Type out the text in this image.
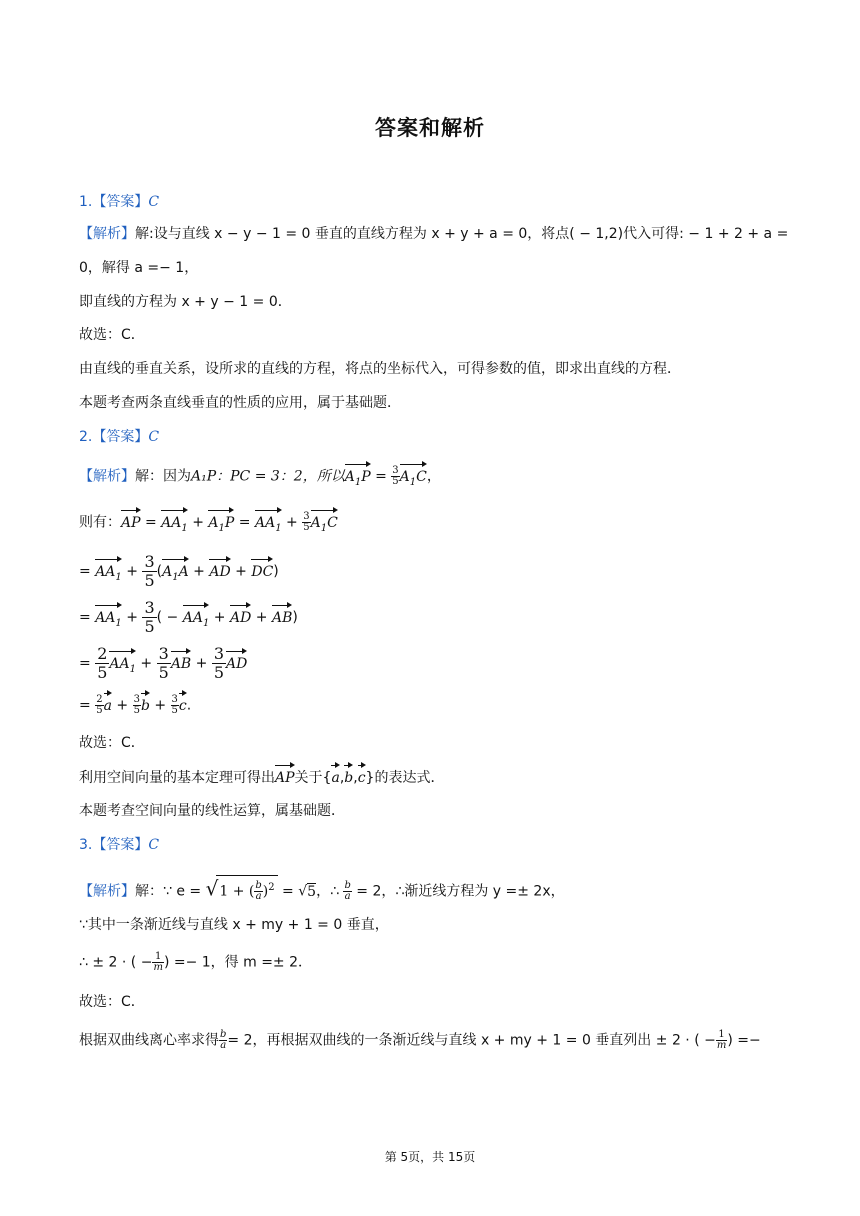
答案和解析
1.【答案】C
【解析】解:设与直线 x − y − 1 = 0 垂直的直线方程为 x + y + a = 0，将点( − 1,2)代入可得: − 1 + 2 + a =
0，解得 a =− 1，
即直线的方程为 x + y − 1 = 0．
故选：C．
由直线的垂直关系，设所求的直线的方程，将点的坐标代入，可得参数的值，即求出直线的方程．
本题考查两条直线垂直的性质的应用，属于基础题．
2.【答案】C
【解析】解：因为A₁P：PC = 3：2，所以$A_1P = \frac{3}{5} A_1C$，
则有：AP = $AA_1 + A_1P = AA_1 + \frac{3}{5} A_1C$
= $AA_1 + \frac{3}{5} (A_1A$ + AD + DC)
= $AA_1 + \frac{3}{5}$ ( − $AA_1$ + AD + AB)
= $\frac{2}{5} AA_1 + \frac{3}{5}$ AB + $\frac{3}{5}$ AD
= $\frac{2}{5}$ $a + \frac{3}{5}$ $b + \frac{3}{5} c$.
故选：C．
利用空间向量的基本定理可得出AP关于{a,b,c}的表达式．
本题考查空间向量的线性运算，属基础题．
3.【答案】C
【解析】解：∵ e = √1 + ( $\frac{b}{a} )^2 = √5$，∴ $\frac{b}{a} = 2$，∴渐近线方程为 y =± 2x，
∵其中一条渐近线与直线 x + my + 1 = 0 垂直，
∴ ± 2 · ( − $\frac{1}{m}$ ) =− 1，得 m =± 2．
故选：C．
根据双曲线离心率求得 $\frac{b}{a} = 2$，再根据双曲线的一条渐近线与直线 x + my + 1 = 0 垂直列出 ± 2 · ( − $\frac{1}{m}$ ) =−
第 5页，共 15页
